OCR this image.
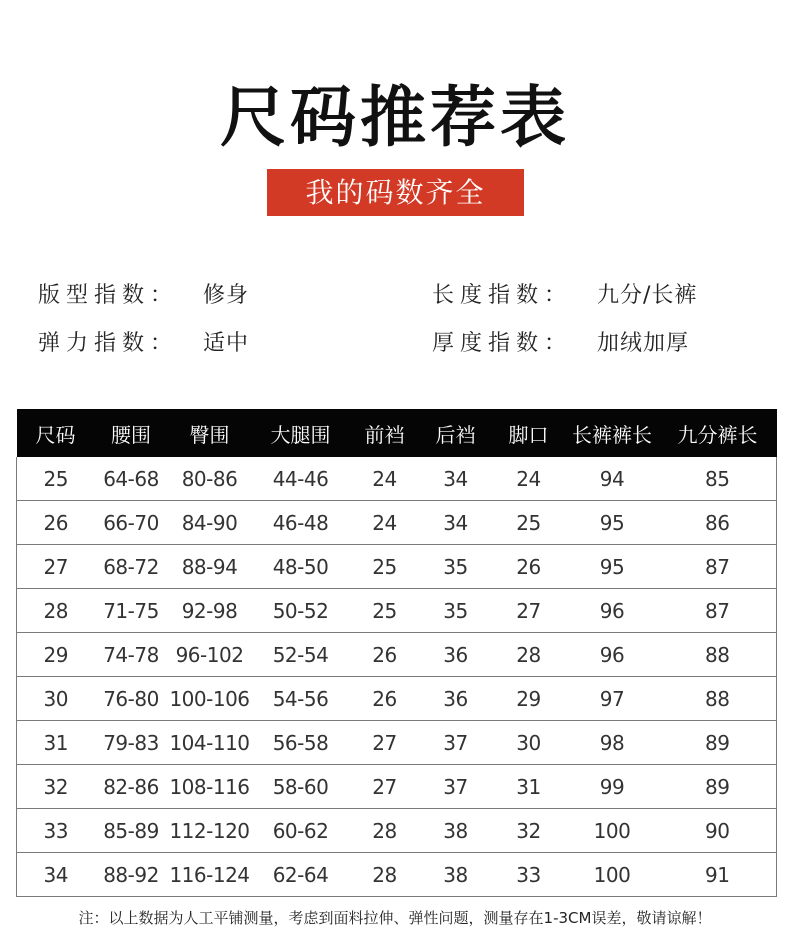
尺码推荐表
我的码数齐全
版型指数： 修身	长度指数： 九分/长裤
弹力指数： 适中	厚度指数： 加绒加厚
尺码	腰围	臀围	大腿围	前裆	后裆	脚口	长裤裤长	九分裤长
25	64-68	80-86	44-46	24	34	24	94	85
26	66-70	84-90	46-48	24	34	25	95	86
27	68-72	88-94	48-50	25	35	26	95	87
28	71-75	92-98	50-52	25	35	27	96	87
29	74-78	96-102	52-54	26	36	28	96	88
30	76-80	100-106	54-56	26	36	29	97	88
31	79-83	104-110	56-58	27	37	30	98	89
32	82-86	108-116	58-60	27	37	31	99	89
33	85-89	112-120	60-62	28	38	32	100	90
34	88-92	116-124	62-64	28	38	33	100	91
注：以上数据为人工平铺测量，考虑到面料拉伸、弹性问题，测量存在1-3CM误差，敬请谅解！
